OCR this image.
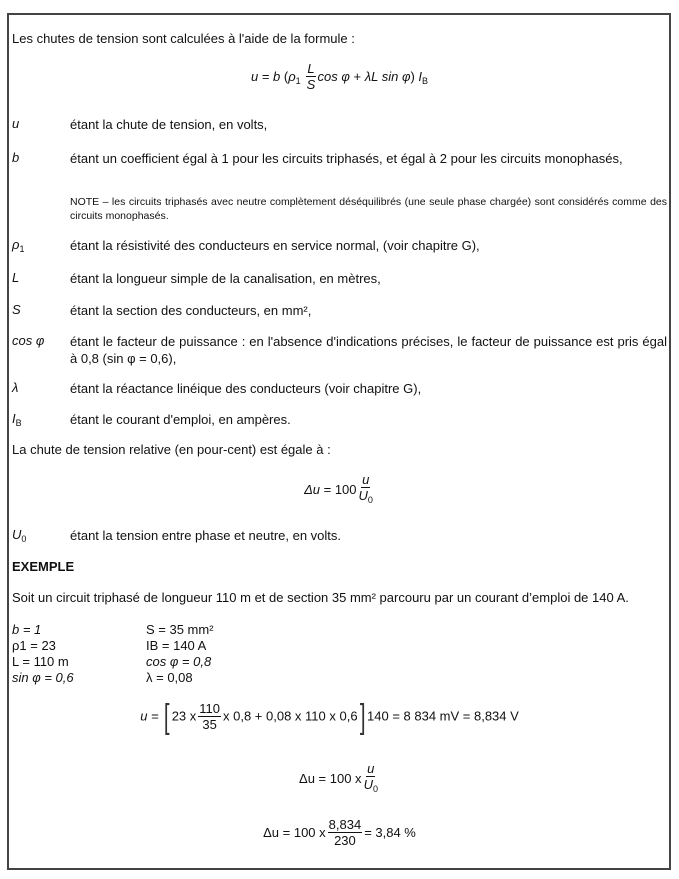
Les chutes de tension sont calculées à l'aide de la formule :
u = b ($\rho_1 \frac{L}{S}$ cos φ + λL sin φ) $I_B$
u	étant la chute de tension, en volts,
b	étant un coefficient égal à 1 pour les circuits triphasés, et égal à 2 pour les circuits monophasés,
NOTE – les circuits triphasés avec neutre complètement déséquilibrés (une seule phase chargée) sont considérés comme des circuits monophasés.
$\rho_1$	étant la résistivité des conducteurs en service normal, (voir chapitre G),
L	étant la longueur simple de la canalisation, en mètres,
S	étant la section des conducteurs, en mm²,
cos φ étant le facteur de puissance : en l'absence d'indications précises, le facteur de puissance est pris égal à 0,8 (sin φ = 0,6),
λ	étant la réactance linéique des conducteurs (voir chapitre G),
$I_B$	étant le courant d'emploi, en ampères.
La chute de tension relative (en pour-cent) est égale à :
$\Delta u = 100 \frac{u}{U_0}$
$U_0$	étant la tension entre phase et neutre, en volts.
EXEMPLE
Soit un circuit triphasé de longueur 110 m et de section 35 mm² parcouru par un courant d’emploi de 140 A.
b = 1	S = 35 mm²
ρ1 = 23	IB = 140 A
L = 110 m	cos φ = 0,8
sin φ = 0,6	λ = 0,08
u = [ 23 x $\frac{110}{35}$ x 0,8 + 0,08 x 110 x 0,6] 140 = 8 834 mV = 8,834 V
Δu = 100 x $\frac{u}{U_0}$
Δu = 100 x $\frac{8,834}{230} = 3,84$ %
